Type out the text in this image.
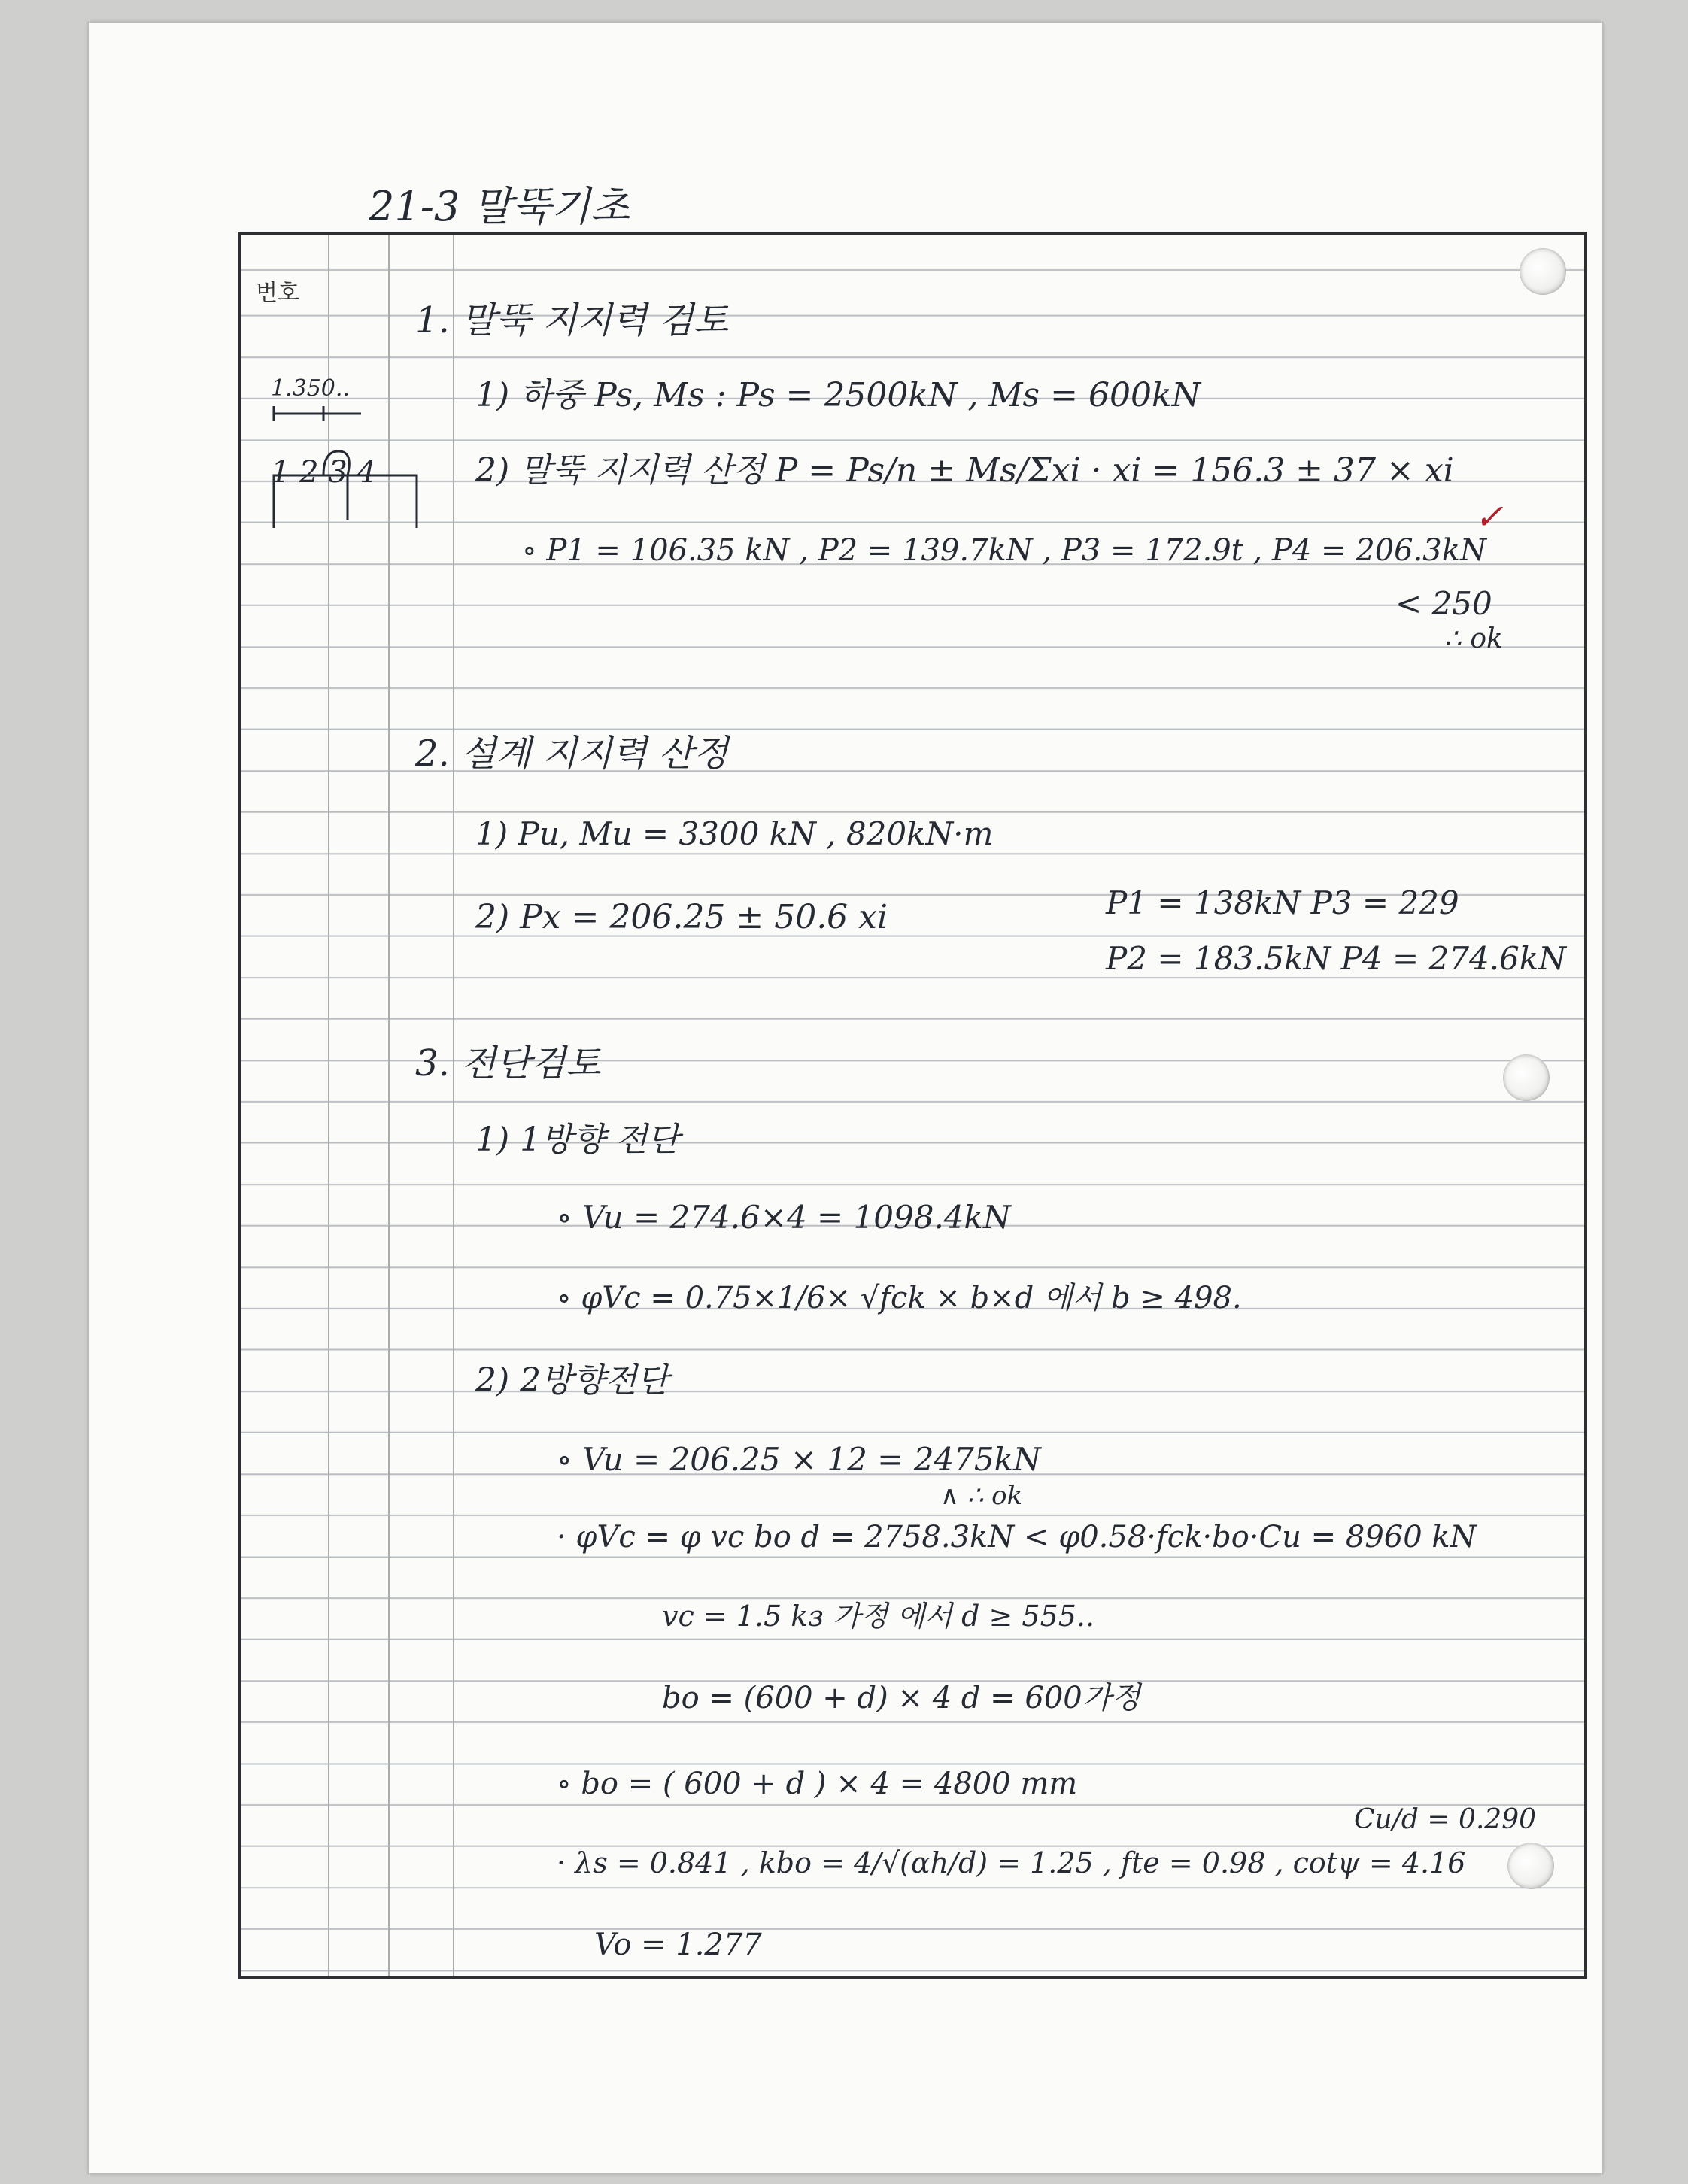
21-3 말뚝기초
번호
1.350..
1 2 3 4
1. 말뚝 지지력 검토
1) 하중 Ps, Ms : Ps = 2500kN , Ms = 600kN
2) 말뚝 지지력 산정 P = Ps/n ± Ms/Σxi · xi = 156.3 ± 37 × xi
∘ P1 = 106.35 kN , P2 = 139.7kN , P3 = 172.9t , P4 = 206.3kN
✓
< 250
∴ ok
2. 설계 지지력 산정
1) Pu, Mu = 3300 kN , 820kN·m
2) Px = 206.25 ± 50.6 xi	P1 = 138kN P3 = 229
P2 = 183.5kN P4 = 274.6kN
3. 전단검토
1) 1방향 전단
∘ Vu = 274.6×4 = 1098.4kN
∘ φVc = 0.75×1/6× √fck × b×d 에서 b ≥ 498.
2) 2방향전단
∘ Vu = 206.25 × 12 = 2475kN
∧ ∴ ok
· φVc = φ vc bo d = 2758.3kN < φ0.58·fck·bo·Cu = 8960 kN
vc = 1.5 kз 가정 에서 d ≥ 555..
bo = (600 + d) × 4 d = 600가정
∘ bo = ( 600 + d ) × 4 = 4800 mm
Cu/d = 0.290
· λs = 0.841 , kbo = 4/√(αh/d) = 1.25 , fte = 0.98 , cotψ = 4.16
Vo = 1.277
